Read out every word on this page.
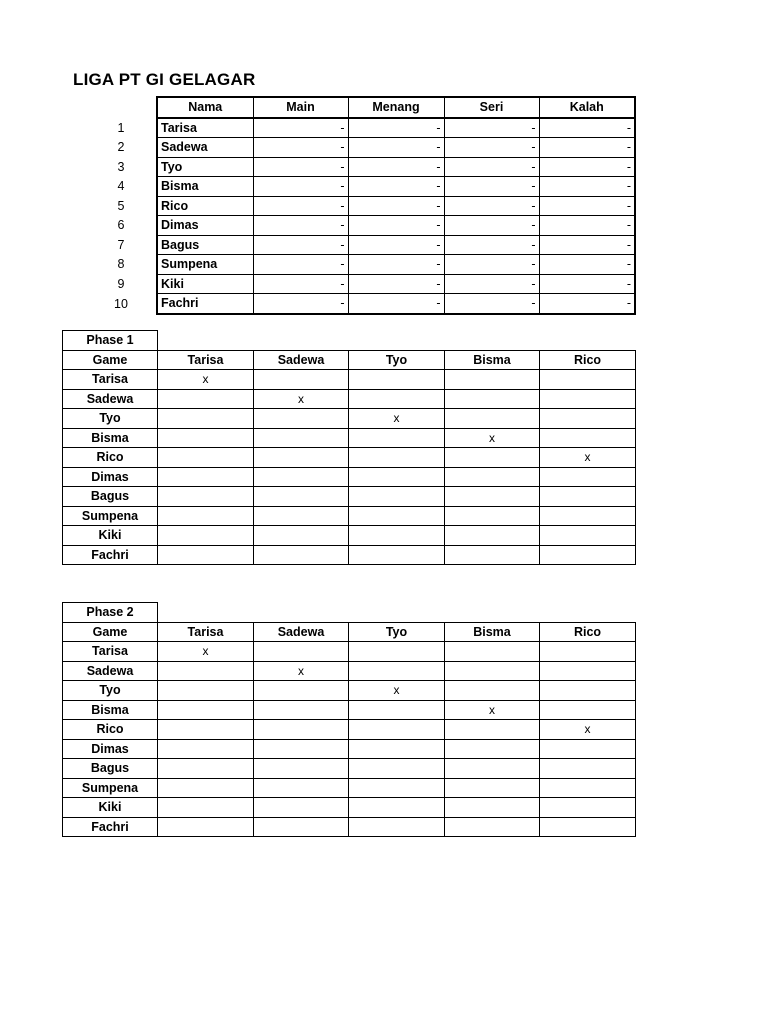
LIGA PT GI GELAGAR
		Nama	Main	Menang	Seri	Kalah
1		Tarisa	-	-	-	-
2		Sadewa	-	-	-	-
3		Tyo	-	-	-	-
4		Bisma	-	-	-	-
5		Rico	-	-	-	-
6		Dimas	-	-	-	-
7		Bagus	-	-	-	-
8		Sumpena	-	-	-	-
9		Kiki	-	-	-	-
10		Fachri	-	-	-	-
Phase 1					
Game	Tarisa	Sadewa	Tyo	Bisma	Rico
Tarisa	x				
Sadewa		x			
Tyo			x		
Bisma				x	
Rico					x
Dimas					
Bagus					
Sumpena					
Kiki					
Fachri					
Phase 2					
Game	Tarisa	Sadewa	Tyo	Bisma	Rico
Tarisa	x				
Sadewa		x			
Tyo			x		
Bisma				x	
Rico					x
Dimas					
Bagus					
Sumpena					
Kiki					
Fachri					
